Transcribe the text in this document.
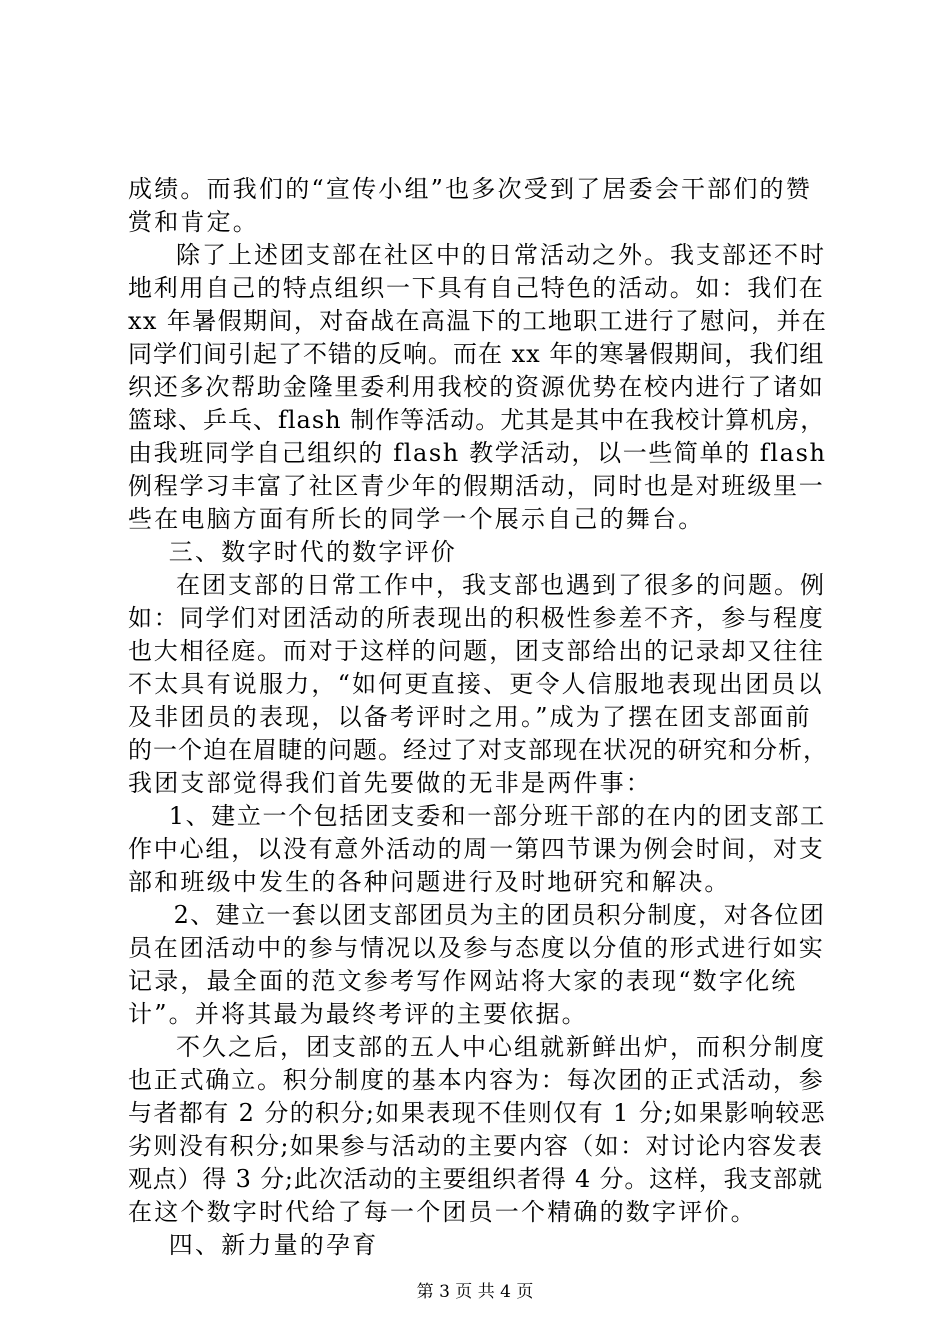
成绩。而我们的“宣传小组”也多次受到了居委会干部们的赞
赏和肯定。
除了上述团支部在社区中的日常活动之外。我支部还不时
地利用自己的特点组织一下具有自己特色的活动。如：我们在
xx 年暑假期间，对奋战在高温下的工地职工进行了慰问，并在
同学们间引起了不错的反响。而在 xx 年的寒暑假期间，我们组
织还多次帮助金隆里委利用我校的资源优势在校内进行了诸如
篮球、乒乓、flash 制作等活动。尤其是其中在我校计算机房，
由我班同学自己组织的 flash 教学活动，以一些简单的 flash
例程学习丰富了社区青少年的假期活动，同时也是对班级里一
些在电脑方面有所长的同学一个展示自己的舞台。
三、数字时代的数字评价
在团支部的日常工作中，我支部也遇到了很多的问题。例
如：同学们对团活动的所表现出的积极性参差不齐，参与程度
也大相径庭。而对于这样的问题，团支部给出的记录却又往往
不太具有说服力，“如何更直接、更令人信服地表现出团员以
及非团员的表现，以备考评时之用。”成为了摆在团支部面前
的一个迫在眉睫的问题。经过了对支部现在状况的研究和分析，
我团支部觉得我们首先要做的无非是两件事：
1、建立一个包括团支委和一部分班干部的在内的团支部工
作中心组，以没有意外活动的周一第四节课为例会时间，对支
部和班级中发生的各种问题进行及时地研究和解决。
2、建立一套以团支部团员为主的团员积分制度，对各位团
员在团活动中的参与情况以及参与态度以分值的形式进行如实
记录，最全面的范文参考写作网站将大家的表现“数字化统
计”。并将其最为最终考评的主要依据。
不久之后，团支部的五人中心组就新鲜出炉，而积分制度
也正式确立。积分制度的基本内容为：每次团的正式活动，参
与者都有 2 分的积分;如果表现不佳则仅有 1 分;如果影响较恶
劣则没有积分;如果参与活动的主要内容（如：对讨论内容发表
观点）得 3 分;此次活动的主要组织者得 4 分。这样，我支部就
在这个数字时代给了每一个团员一个精确的数字评价。
四、新力量的孕育
第 3 页 共 4 页
